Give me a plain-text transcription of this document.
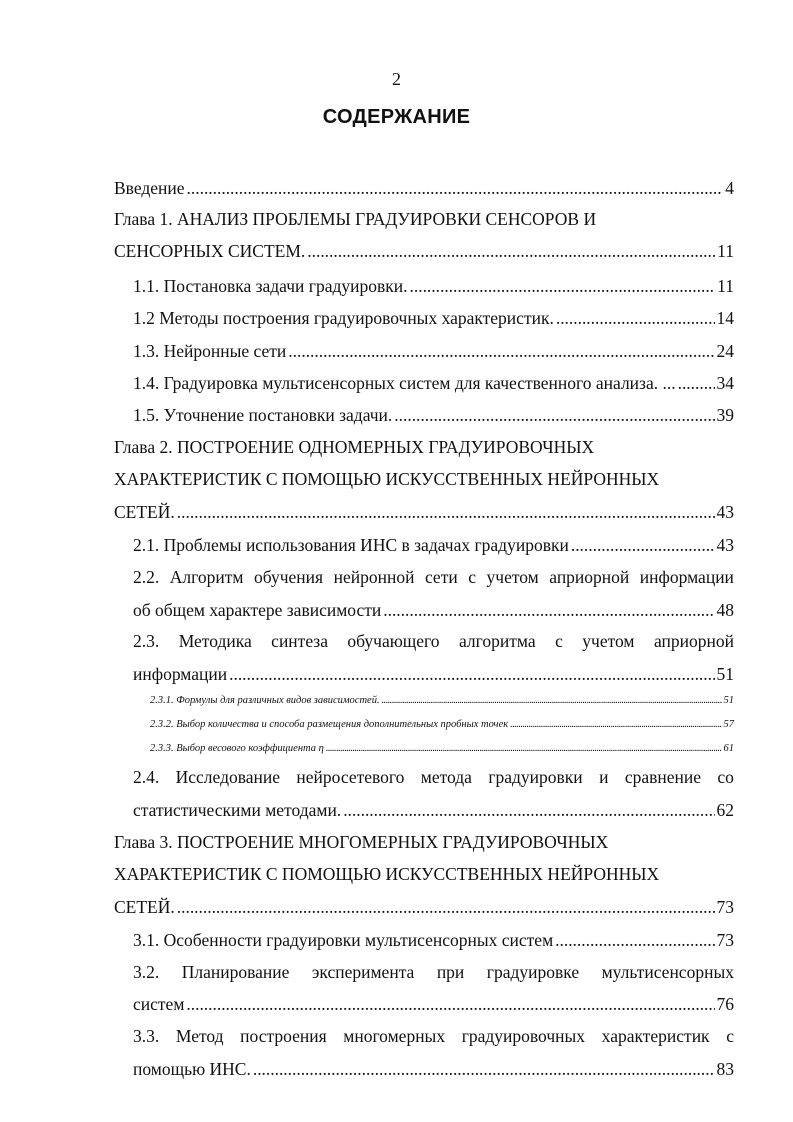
2
СОДЕРЖАНИЕ
Введение . . .	4
Глава 1. АНАЛИЗ ПРОБЛЕМЫ ГРАДУИРОВКИ СЕНСОРОВ И
СЕНСОРНЫХ СИСТЕМ. . . .	11
1.1. Постановка задачи градуировки. . . .	11
1.2 Методы построения градуировочных характеристик. . . .	14
1.3. Нейронные сети . . .	24
1.4. Градуировка мультисенсорных систем для качественного анализа. ... . . . 34
1.5. Уточнение постановки задачи. . . .	39
Глава 2. ПОСТРОЕНИЕ ОДНОМЕРНЫХ ГРАДУИРОВОЧНЫХ
ХАРАКТЕРИСТИК С ПОМОЩЬЮ ИСКУССТВЕННЫХ НЕЙРОННЫХ
СЕТЕЙ. . . .	43
2.1. Проблемы использования ИНС в задачах градуировки . . .	43
2.2. Алгоритм обучения нейронной сети с учетом априорной информации
об общем характере зависимости . . .	48
2.3. Методика синтеза обучающего алгоритма с учетом априорной
информации . . .	51
2.3.1. Формулы для различных видов зависимостей. . . .	51
2.3.2. Выбор количества и способа размещения дополнительных пробных точек . . .	57
2.3.3. Выбор весового коэффициента η . . .	61
2.4. Исследование нейросетевого метода градуировки и сравнение со
статистическими методами. . . .	62
Глава 3. ПОСТРОЕНИЕ МНОГОМЕРНЫХ ГРАДУИРОВОЧНЫХ
ХАРАКТЕРИСТИК С ПОМОЩЬЮ ИСКУССТВЕННЫХ НЕЙРОННЫХ
СЕТЕЙ. . . .	73
3.1. Особенности градуировки мультисенсорных систем . . .	73
3.2. Планирование эксперимента при градуировке мультисенсорных
систем . . .	76
3.3. Метод построения многомерных градуировочных характеристик с
помощью ИНС. . . .	83
